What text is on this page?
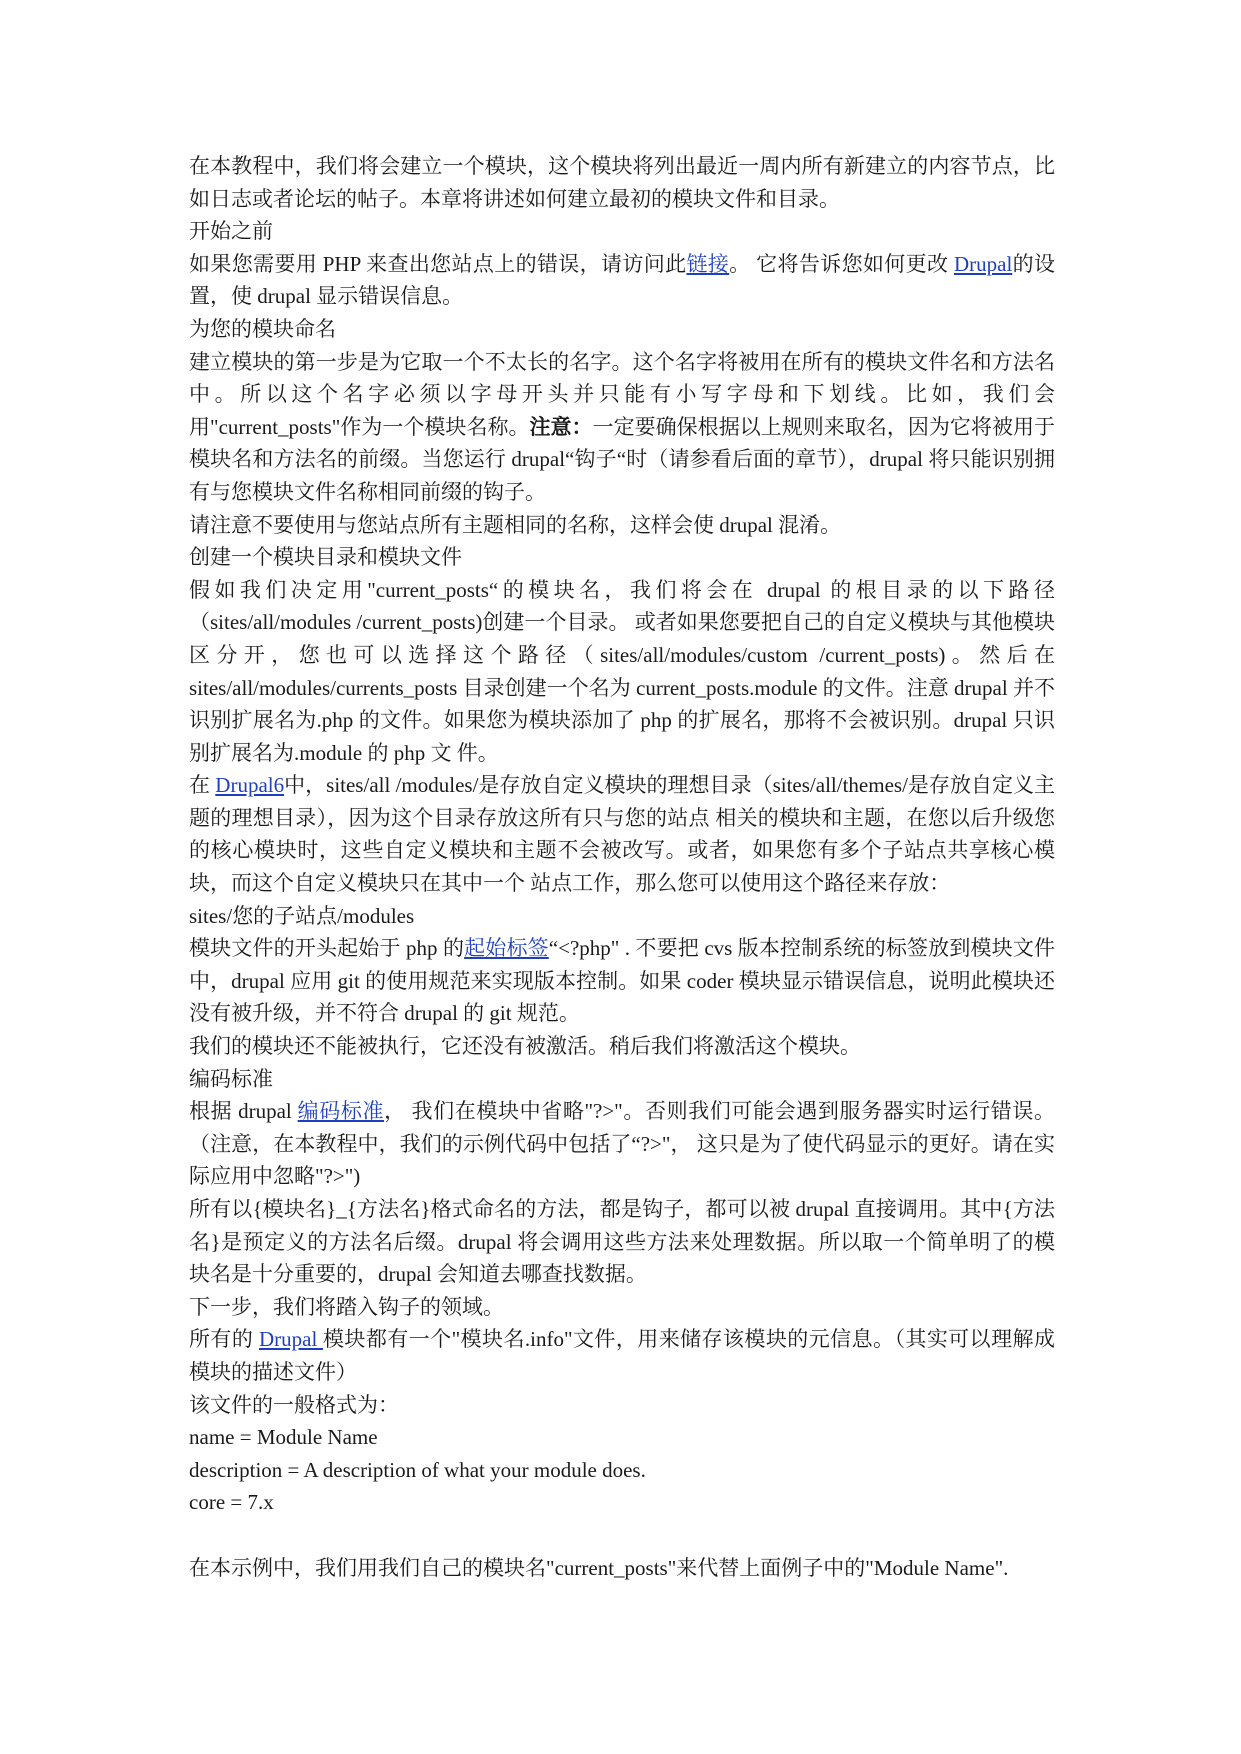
在本教程中，我们将会建立一个模块，这个模块将列出最近一周内所有新建立的内容节点，比如日志或者论坛的帖子。本章将讲述如何建立最初的模块文件和目录。

开始之前

如果您需要用 PHP 来查出您站点上的错误，请访问此链接。 它将告诉您如何更改 Drupal的设置，使 drupal 显示错误信息。

为您的模块命名

建立模块的第一步是为它取一个不太长的名字。这个名字将被用在所有的模块文件名和方法名中。所以这个名字必须以字母开头并只能有小写字母和下划线。比如，我们会用"current_posts"作为一个模块名称。注意：一定要确保根据以上规则来取名，因为它将被用于模块名和方法名的前缀。当您运行 drupal“钩子“时（请参看后面的章节），drupal 将只能识别拥有与您模块文件名称相同前缀的钩子。

请注意不要使用与您站点所有主题相同的名称，这样会使 drupal 混淆。

创建一个模块目录和模块文件

假如我们决定用"current_posts“的模块名，我们将会在 drupal 的根目录的以下路径（sites/all/modules /current_posts)创建一个目录。 或者如果您要把自己的自定义模块与其他模块区分开，您也可以选择这个路径（sites/all/modules/custom /current_posts)。然后在 sites/all/modules/currents_posts 目录创建一个名为 current_posts.module 的文件。注意 drupal 并不识别扩展名为.php 的文件。如果您为模块添加了 php 的扩展名，那将不会被识别。drupal 只识别扩展名为.module 的 php 文 件。

在 Drupal6中，sites/all /modules/是存放自定义模块的理想目录（sites/all/themes/是存放自定义主题的理想目录），因为这个目录存放这所有只与您的站点 相关的模块和主题，在您以后升级您的核心模块时，这些自定义模块和主题不会被改写。或者，如果您有多个子站点共享核心模块，而这个自定义模块只在其中一个 站点工作，那么您可以使用这个路径来存放：
sites/您的子站点/modules

模块文件的开头起始于 php 的起始标签“<?php" . 不要把 cvs 版本控制系统的标签放到模块文件中，drupal 应用 git 的使用规范来实现版本控制。如果 coder 模块显示错误信息，说明此模块还没有被升级，并不符合 drupal 的 git 规范。

我们的模块还不能被执行，它还没有被激活。稍后我们将激活这个模块。

编码标准

根据 drupal 编码标准， 我们在模块中省略"?>"。否则我们可能会遇到服务器实时运行错误。（注意，在本教程中，我们的示例代码中包括了“?>"， 这只是为了使代码显示的更好。请在实际应用中忽略"?>")

所有以{模块名}_{方法名}格式命名的方法，都是钩子，都可以被 drupal 直接调用。其中{方法名}是预定义的方法名后缀。drupal 将会调用这些方法来处理数据。所以取一个简单明了的模块名是十分重要的，drupal 会知道去哪查找数据。

下一步，我们将踏入钩子的领域。

所有的 Drupal 模块都有一个"模块名.info"文件，用来储存该模块的元信息。（其实可以理解成模块的描述文件）

该文件的一般格式为：

name = Module Name

description = A description of what your module does.

core = 7.x

在本示例中，我们用我们自己的模块名"current_posts"来代替上面例子中的"Module Name".
